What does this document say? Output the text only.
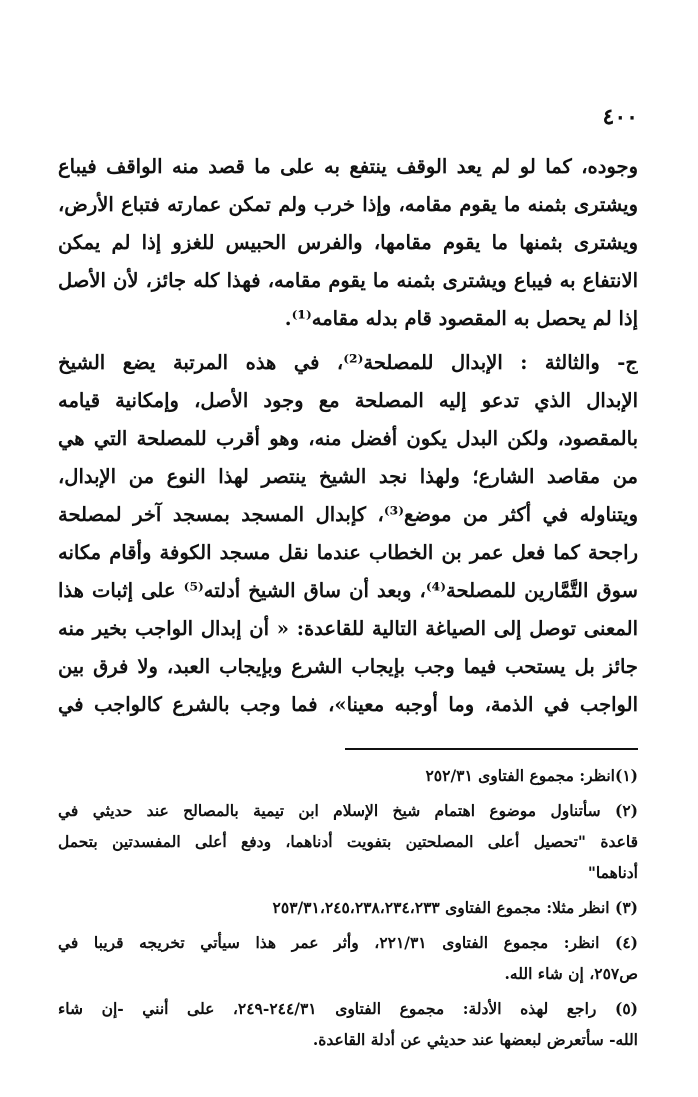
٤٠٠
وجوده، كما لو لم يعد الوقف ينتفع به على ما قصد منه الواقف فيباع
ويشترى بثمنه ما يقوم مقامه، وإذا خرب ولم تمكن عمارته فتباع الأرض،
ويشترى بثمنها ما يقوم مقامها، والفرس الحبيس للغزو إذا لم يمكن
الانتفاع به فيباع ويشترى بثمنه ما يقوم مقامه، فهذا كله جائز، لأن الأصل
إذا لم يحصل به المقصود قام بدله مقامه⁽¹⁾.
ج- والثالثة : الإبدال للمصلحة⁽²⁾، في هذه المرتبة يضع الشيخ
الإبدال الذي تدعو إليه المصلحة مع وجود الأصل، وإمكانية قيامه
بالمقصود، ولكن البدل يكون أفضل منه، وهو أقرب للمصلحة التي هي
من مقاصد الشارع؛ ولهذا نجد الشيخ ينتصر لهذا النوع من الإبدال،
ويتناوله في أكثر من موضع⁽³⁾، كإبدال المسجد بمسجد آخر لمصلحة
راجحة كما فعل عمر بن الخطاب عندما نقل مسجد الكوفة وأقام مكانه
سوق التَّمَّارين للمصلحة⁽⁴⁾، وبعد أن ساق الشيخ أدلته⁽⁵⁾ على إثبات هذا
المعنى توصل إلى الصياغة التالية للقاعدة: « أن إبدال الواجب بخير منه
جائز بل يستحب فيما وجب بإيجاب الشرع وبإيجاب العبد، ولا فرق بين
الواجب في الذمة، وما أوجبه معينا»، فما وجب بالشرع كالواجب في
(١)انظر: مجموع الفتاوى ٢٥٢/٣١
(٢) سأتناول موضوع اهتمام شيخ الإسلام ابن تيمية بالمصالح عند حديثي في
قاعدة "تحصيل أعلى المصلحتين بتفويت أدناهما، ودفع أعلى المفسدتين بتحمل
أدناهما"
(٣) انظر مثلا: مجموع الفتاوى ٢٥٣/٣١،٢٤٥،٢٣٨،٢٣٤،٢٣٣
(٤) انظر: مجموع الفتاوى ٢٢١/٣١، وأثر عمر هذا سيأتي تخريجه قريبا في
ص٢٥٧، إن شاء الله.
(٥) راجع لهذه الأدلة: مجموع الفتاوى ٢٤٤/٣١-٢٤٩، على أنني -إن شاء
الله- سأتعرض لبعضها عند حديثي عن أدلة القاعدة.
